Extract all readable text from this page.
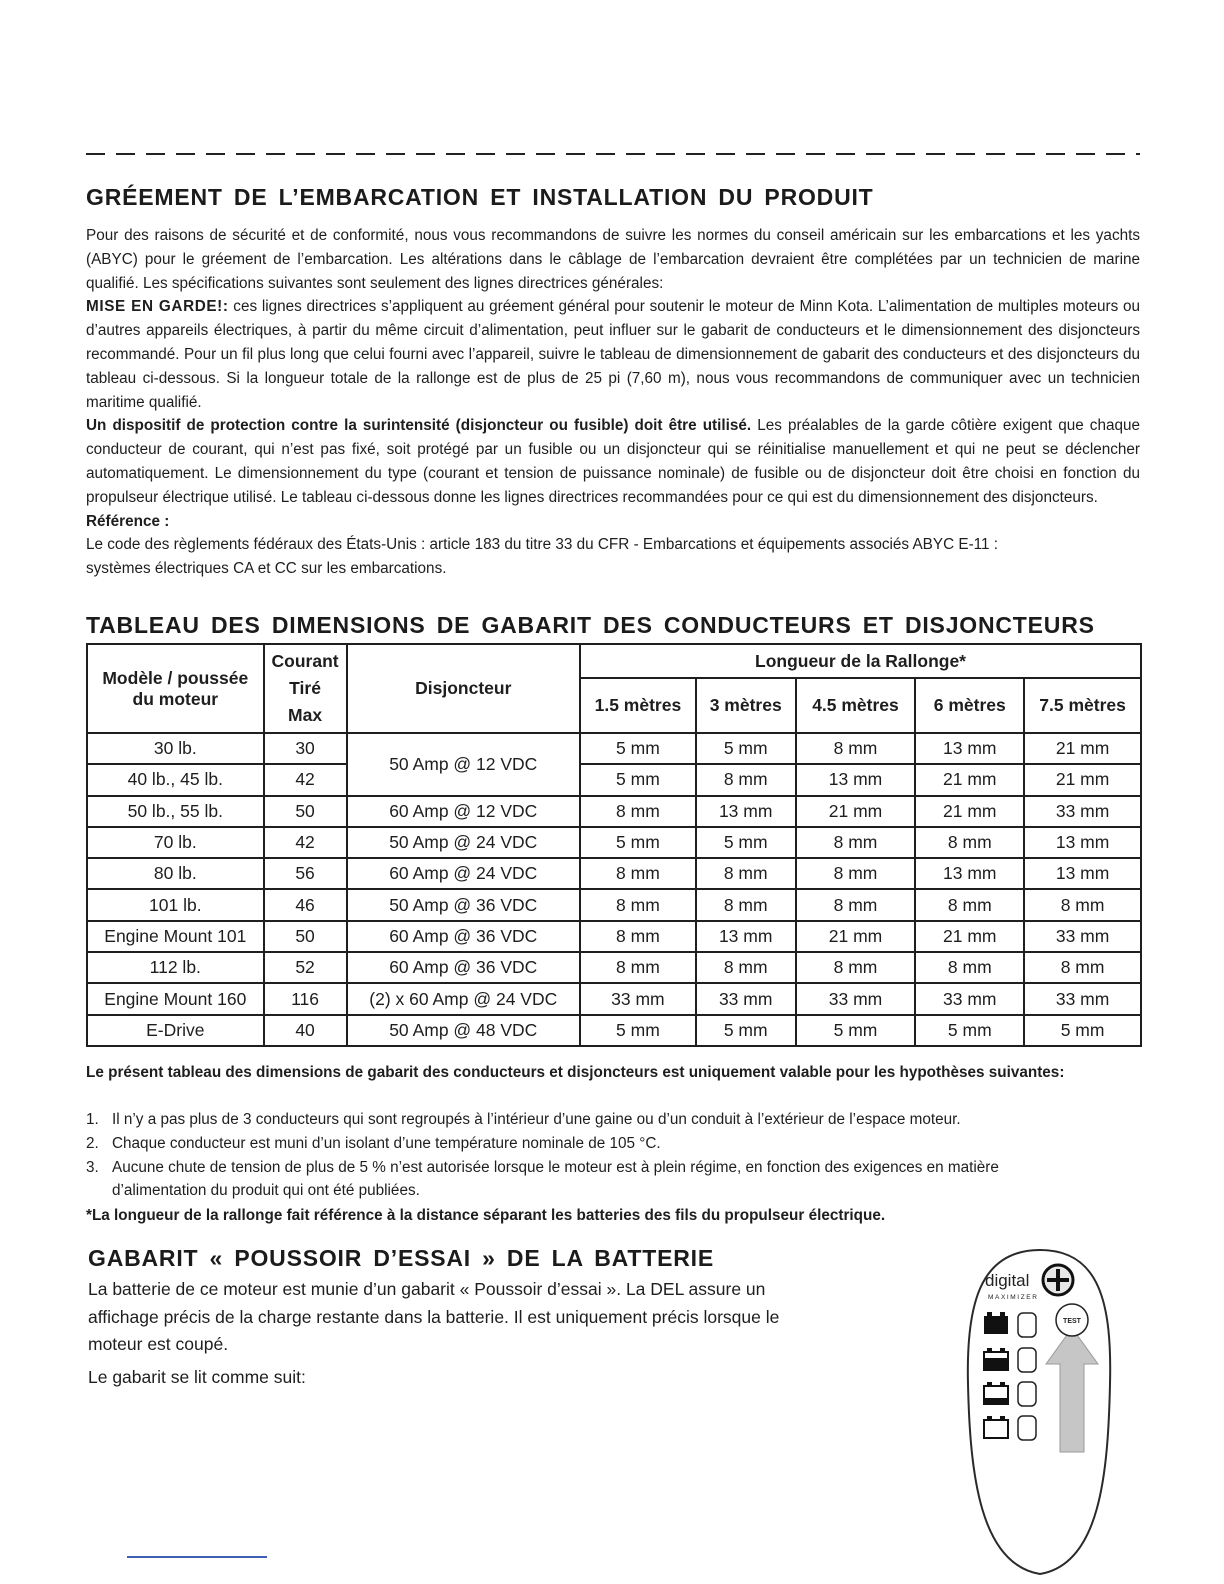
GRÉEMENT DE L’EMBARCATION ET INSTALLATION DU PRODUIT

Pour des raisons de sécurité et de conformité, nous vous recommandons de suivre les normes du conseil américain sur les embarcations et les yachts (ABYC) pour le gréement de l’embarcation. Les altérations dans le câblage de l’embarcation devraient être complétées par un technicien de marine qualifié. Les spécifications suivantes sont seulement des lignes directrices générales:
MISE EN GARDE!: ces lignes directrices s’appliquent au gréement général pour soutenir le moteur de Minn Kota. L’alimentation de multiples moteurs ou d’autres appareils électriques, à partir du même circuit d’alimentation, peut influer sur le gabarit de conducteurs et le dimensionnement des disjoncteurs recommandé. Pour un fil plus long que celui fourni avec l’appareil, suivre le tableau de dimensionnement de gabarit des conducteurs et des disjoncteurs du tableau ci-dessous. Si la longueur totale de la rallonge est de plus de 25 pi (7,60 m), nous vous recommandons de communiquer avec un technicien maritime qualifié.
Un dispositif de protection contre la surintensité (disjoncteur ou fusible) doit être utilisé. Les préalables de la garde côtière exigent que chaque conducteur de courant, qui n’est pas fixé, soit protégé par un fusible ou un disjoncteur qui se réinitialise manuellement et qui ne peut se déclencher automatiquement. Le dimensionnement du type (courant et tension de puissance nominale) de fusible ou de disjoncteur doit être choisi en fonction du propulseur électrique utilisé. Le tableau ci-dessous donne les lignes directrices recommandées pour ce qui est du dimensionnement des disjoncteurs.
Référence :
Le code des règlements fédéraux des États-Unis : article 183 du titre 33 du CFR - Embarcations et équipements associés ABYC E-11 :
systèmes électriques CA et CC sur les embarcations.

TABLEAU DES DIMENSIONS DE GABARIT DES CONDUCTEURS ET DISJONCTEURS
Modèle / poussée
du moteur	Courant
Tiré
Max	Disjoncteur	Longueur de la Rallonge*				
			1.5 mètres	3 mètres	4.5 mètres	6 mètres	7.5 mètres
30 lb.	30	50 Amp @ 12 VDC	5 mm	5 mm	8 mm	13 mm	21 mm
40 lb., 45 lb.	42		5 mm	8 mm	13 mm	21 mm	21 mm
50 lb., 55 lb.	50	60 Amp @ 12 VDC	8 mm	13 mm	21 mm	21 mm	33 mm
70 lb.	42	50 Amp @ 24 VDC	5 mm	5 mm	8 mm	8 mm	13 mm
80 lb.	56	60 Amp @ 24 VDC	8 mm	8 mm	8 mm	13 mm	13 mm
101 lb.	46	50 Amp @ 36 VDC	8 mm	8 mm	8 mm	8 mm	8 mm
Engine Mount 101	50	60 Amp @ 36 VDC	8 mm	13 mm	21 mm	21 mm	33 mm
112 lb.	52	60 Amp @ 36 VDC	8 mm	8 mm	8 mm	8 mm	8 mm
Engine Mount 160	116	(2) x 60 Amp @ 24 VDC	33 mm	33 mm	33 mm	33 mm	33 mm
E-Drive	40	50 Amp @ 48 VDC	5 mm	5 mm	5 mm	5 mm	5 mm

Le présent tableau des dimensions de gabarit des conducteurs et disjoncteurs est uniquement valable pour les hypothèses suivantes:

1. Il n’y a pas plus de 3 conducteurs qui sont regroupés à l’intérieur d’une gaine ou d’un conduit à l’extérieur de l’espace moteur.
2. Chaque conducteur est muni d’un isolant d’une température nominale de 105 °C.
3. Aucune chute de tension de plus de 5 % n’est autorisée lorsque le moteur est à plein régime, en fonction des exigences en matière d’alimentation du produit qui ont été publiées.

*La longueur de la rallonge fait référence à la distance séparant les batteries des fils du propulseur électrique.

GABARIT « POUSSOIR D’ESSAI » DE LA BATTERIE

La batterie de ce moteur est munie d’un gabarit « Poussoir d’essai ». La DEL assure un affichage précis de la charge restante dans la batterie. Il est uniquement précis lorsque le moteur est coupé.

Le gabarit se lit comme suit:

digital
MAXIMIZER
TEST
